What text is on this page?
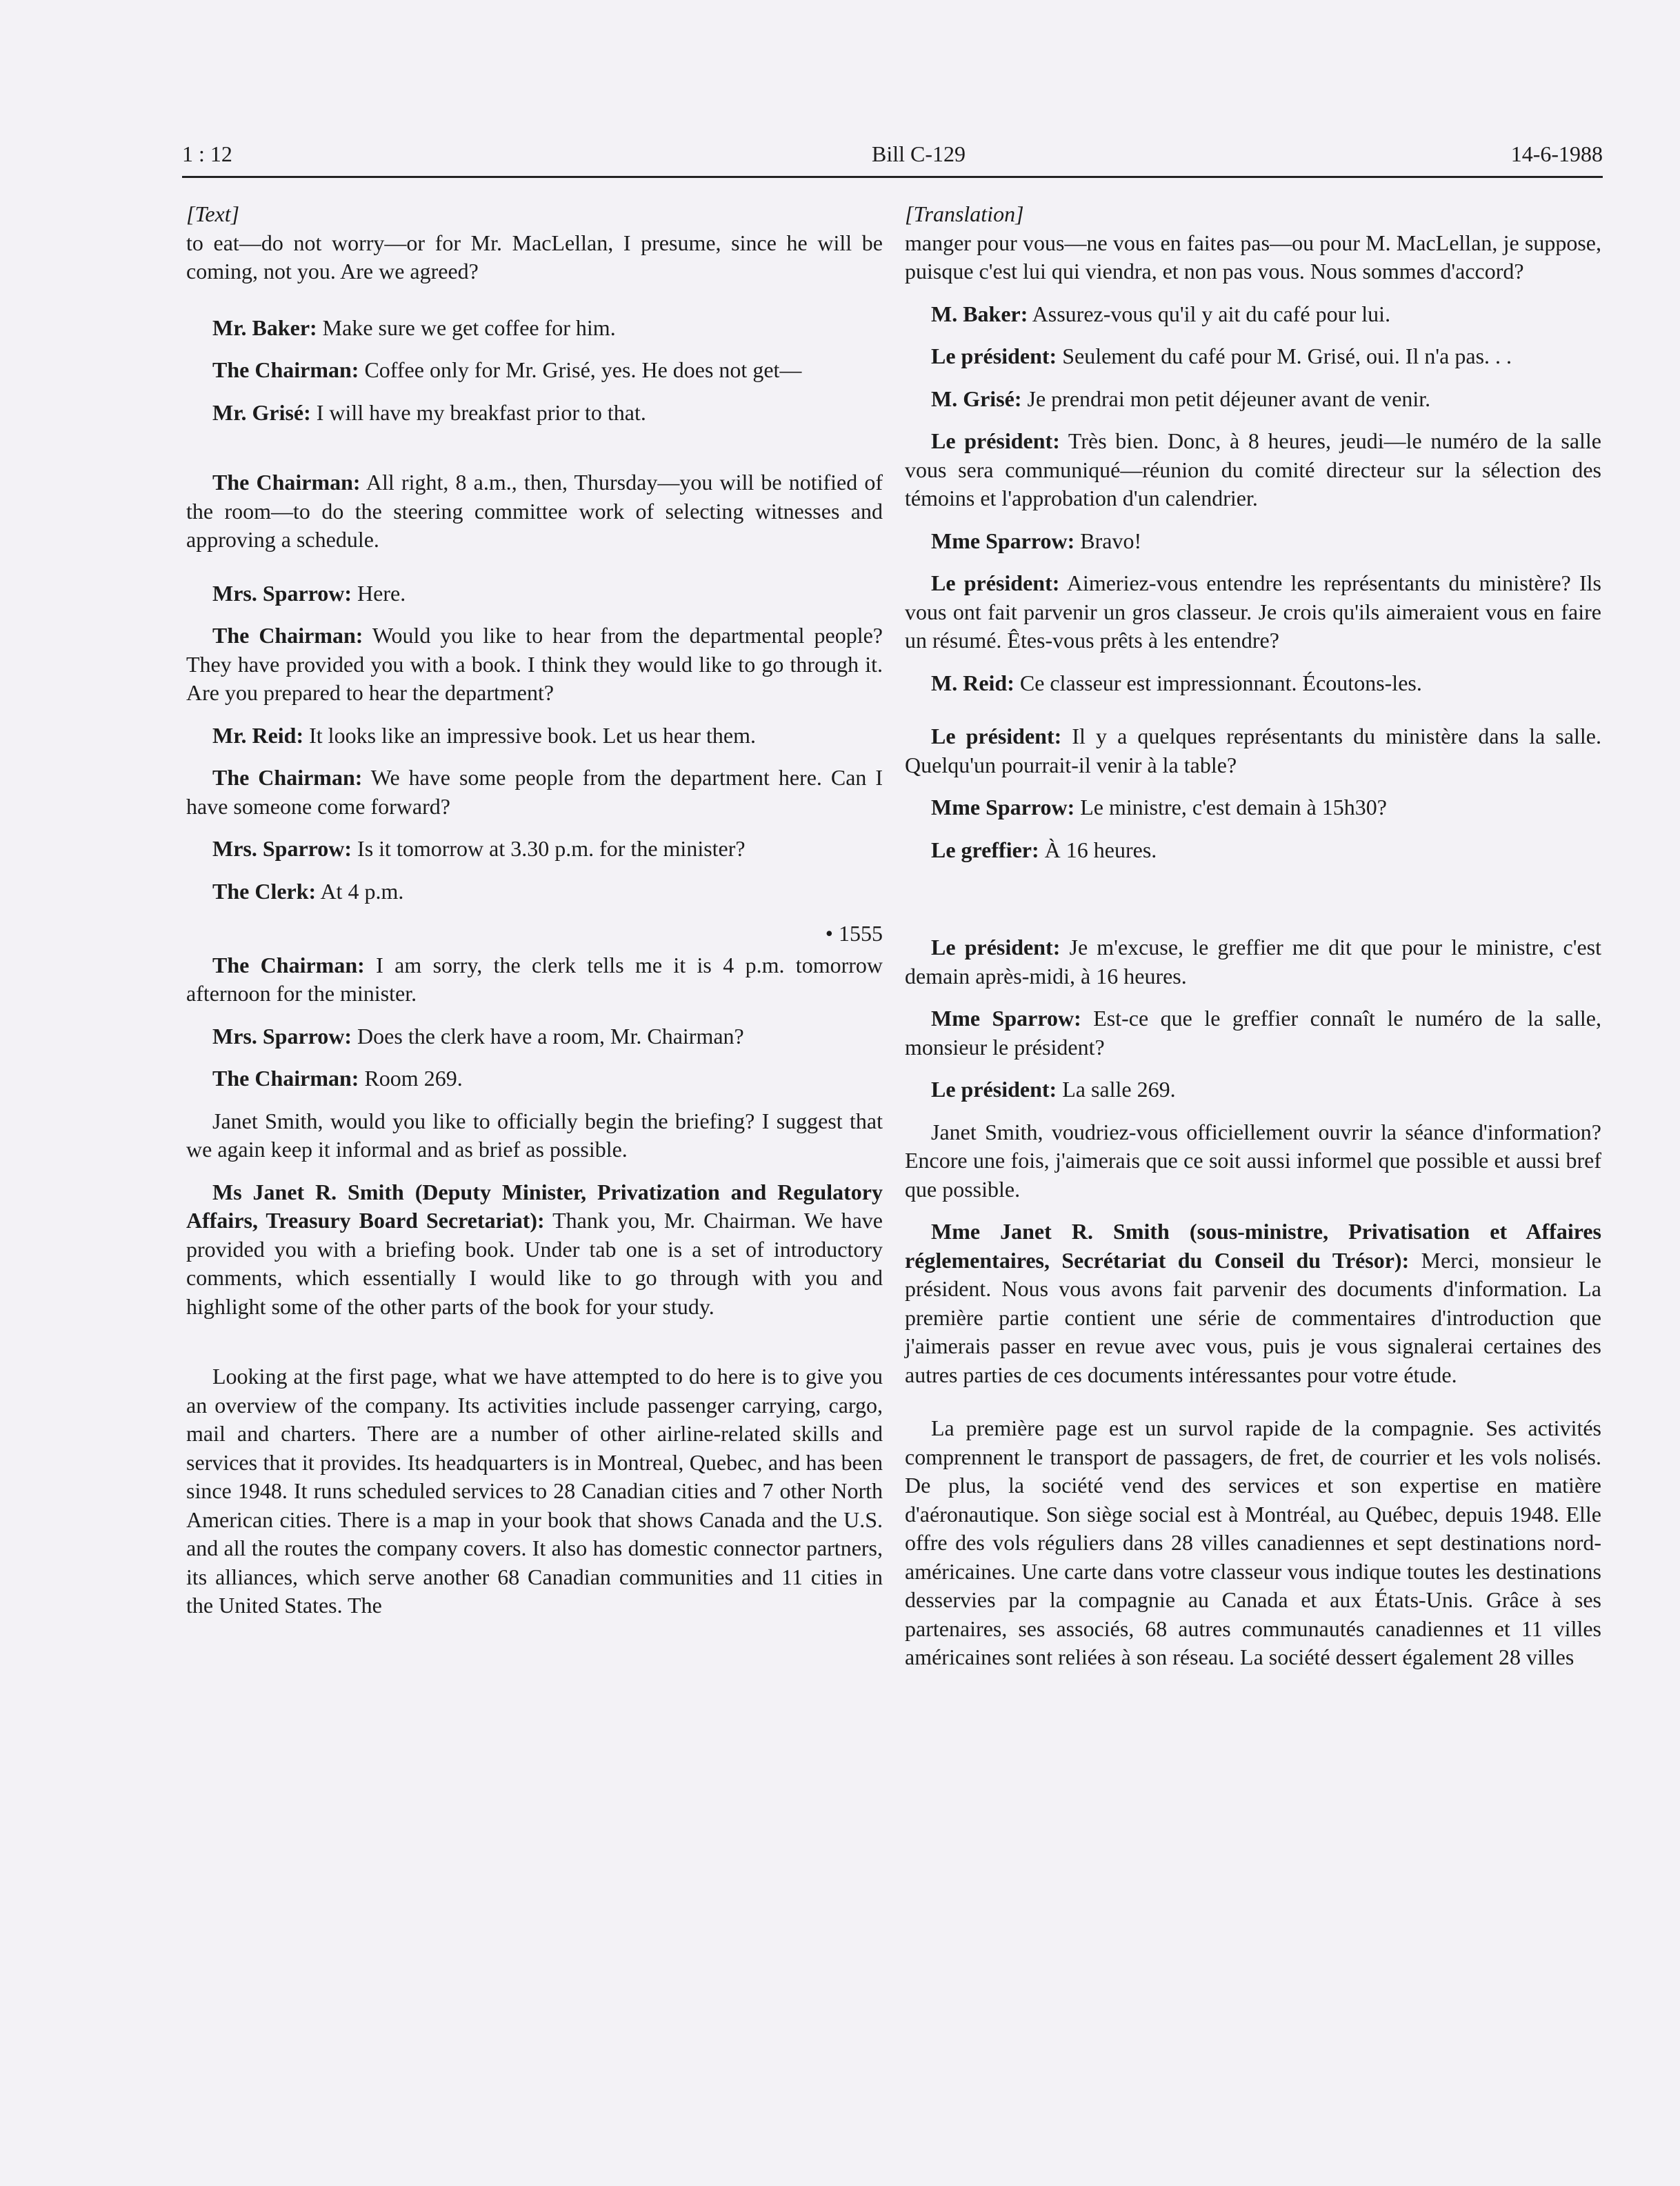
1 : 12	Bill C-129	14-6-1988

[Text]

to eat—do not worry—or for Mr. MacLellan, I presume, since he will be coming, not you. Are we agreed?

Mr. Baker: Make sure we get coffee for him.

The Chairman: Coffee only for Mr. Grisé, yes. He does not get—

Mr. Grisé: I will have my breakfast prior to that.

The Chairman: All right, 8 a.m., then, Thursday—you will be notified of the room—to do the steering committee work of selecting witnesses and approving a schedule.

Mrs. Sparrow: Here.

The Chairman: Would you like to hear from the departmental people? They have provided you with a book. I think they would like to go through it. Are you prepared to hear the department?

Mr. Reid: It looks like an impressive book. Let us hear them.

The Chairman: We have some people from the department here. Can I have someone come forward?

Mrs. Sparrow: Is it tomorrow at 3.30 p.m. for the minister?

The Clerk: At 4 p.m.

• 1555

The Chairman: I am sorry, the clerk tells me it is 4 p.m. tomorrow afternoon for the minister.

Mrs. Sparrow: Does the clerk have a room, Mr. Chairman?

The Chairman: Room 269.

Janet Smith, would you like to officially begin the briefing? I suggest that we again keep it informal and as brief as possible.

Ms Janet R. Smith (Deputy Minister, Privatization and Regulatory Affairs, Treasury Board Secretariat): Thank you, Mr. Chairman. We have provided you with a briefing book. Under tab one is a set of introductory comments, which essentially I would like to go through with you and highlight some of the other parts of the book for your study.

Looking at the first page, what we have attempted to do here is to give you an overview of the company. Its activities include passenger carrying, cargo, mail and charters. There are a number of other airline-related skills and services that it provides. Its headquarters is in Montreal, Quebec, and has been since 1948. It runs scheduled services to 28 Canadian cities and 7 other North American cities. There is a map in your book that shows Canada and the U.S. and all the routes the company covers. It also has domestic connector partners, its alliances, which serve another 68 Canadian communities and 11 cities in the United States. The

[Translation]

manger pour vous—ne vous en faites pas—ou pour M. MacLellan, je suppose, puisque c'est lui qui viendra, et non pas vous. Nous sommes d'accord?

M. Baker: Assurez-vous qu'il y ait du café pour lui.

Le président: Seulement du café pour M. Grisé, oui. Il n'a pas. . .

M. Grisé: Je prendrai mon petit déjeuner avant de venir.

Le président: Très bien. Donc, à 8 heures, jeudi—le numéro de la salle vous sera communiqué—réunion du comité directeur sur la sélection des témoins et l'approbation d'un calendrier.

Mme Sparrow: Bravo!

Le président: Aimeriez-vous entendre les représentants du ministère? Ils vous ont fait parvenir un gros classeur. Je crois qu'ils aimeraient vous en faire un résumé. Êtes-vous prêts à les entendre?

M. Reid: Ce classeur est impressionnant. Écoutons-les.

Le président: Il y a quelques représentants du ministère dans la salle. Quelqu'un pourrait-il venir à la table?

Mme Sparrow: Le ministre, c'est demain à 15h30?

Le greffier: À 16 heures.

Le président: Je m'excuse, le greffier me dit que pour le ministre, c'est demain après-midi, à 16 heures.

Mme Sparrow: Est-ce que le greffier connaît le numéro de la salle, monsieur le président?

Le président: La salle 269.

Janet Smith, voudriez-vous officiellement ouvrir la séance d'information? Encore une fois, j'aimerais que ce soit aussi informel que possible et aussi bref que possible.

Mme Janet R. Smith (sous-ministre, Privatisation et Affaires réglementaires, Secrétariat du Conseil du Trésor): Merci, monsieur le président. Nous vous avons fait parvenir des documents d'information. La première partie contient une série de commentaires d'introduction que j'aimerais passer en revue avec vous, puis je vous signalerai certaines des autres parties de ces documents intéressantes pour votre étude.

La première page est un survol rapide de la compagnie. Ses activités comprennent le transport de passagers, de fret, de courrier et les vols nolisés. De plus, la société vend des services et son expertise en matière d'aéronautique. Son siège social est à Montréal, au Québec, depuis 1948. Elle offre des vols réguliers dans 28 villes canadiennes et sept destinations nord-américaines. Une carte dans votre classeur vous indique toutes les destinations desservies par la compagnie au Canada et aux États-Unis. Grâce à ses partenaires, ses associés, 68 autres communautés canadiennes et 11 villes américaines sont reliées à son réseau. La société dessert également 28 villes
